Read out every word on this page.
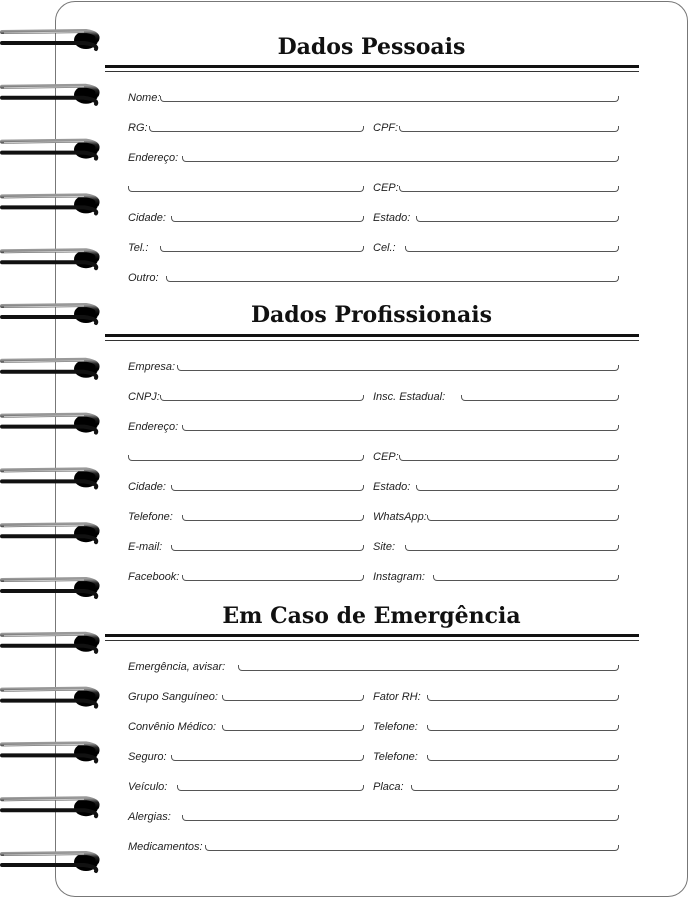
Dados Pessoais
Nome:
RG:	CPF:
Endereço:
CEP:
Cidade:	Estado:
Tel.:	Cel.:
Outro:
Dados Profissionais
Empresa:
CNPJ:	Insc. Estadual:
Endereço:
CEP:
Cidade:	Estado:
Telefone:	WhatsApp:
E-mail:	Site:
Facebook:	Instagram:
Em Caso de Emergência
Emergência, avisar:
Grupo Sanguíneo:	Fator RH:
Convênio Médico:	Telefone:
Seguro:	Telefone:
Veículo:	Placa:
Alergias:
Medicamentos:
